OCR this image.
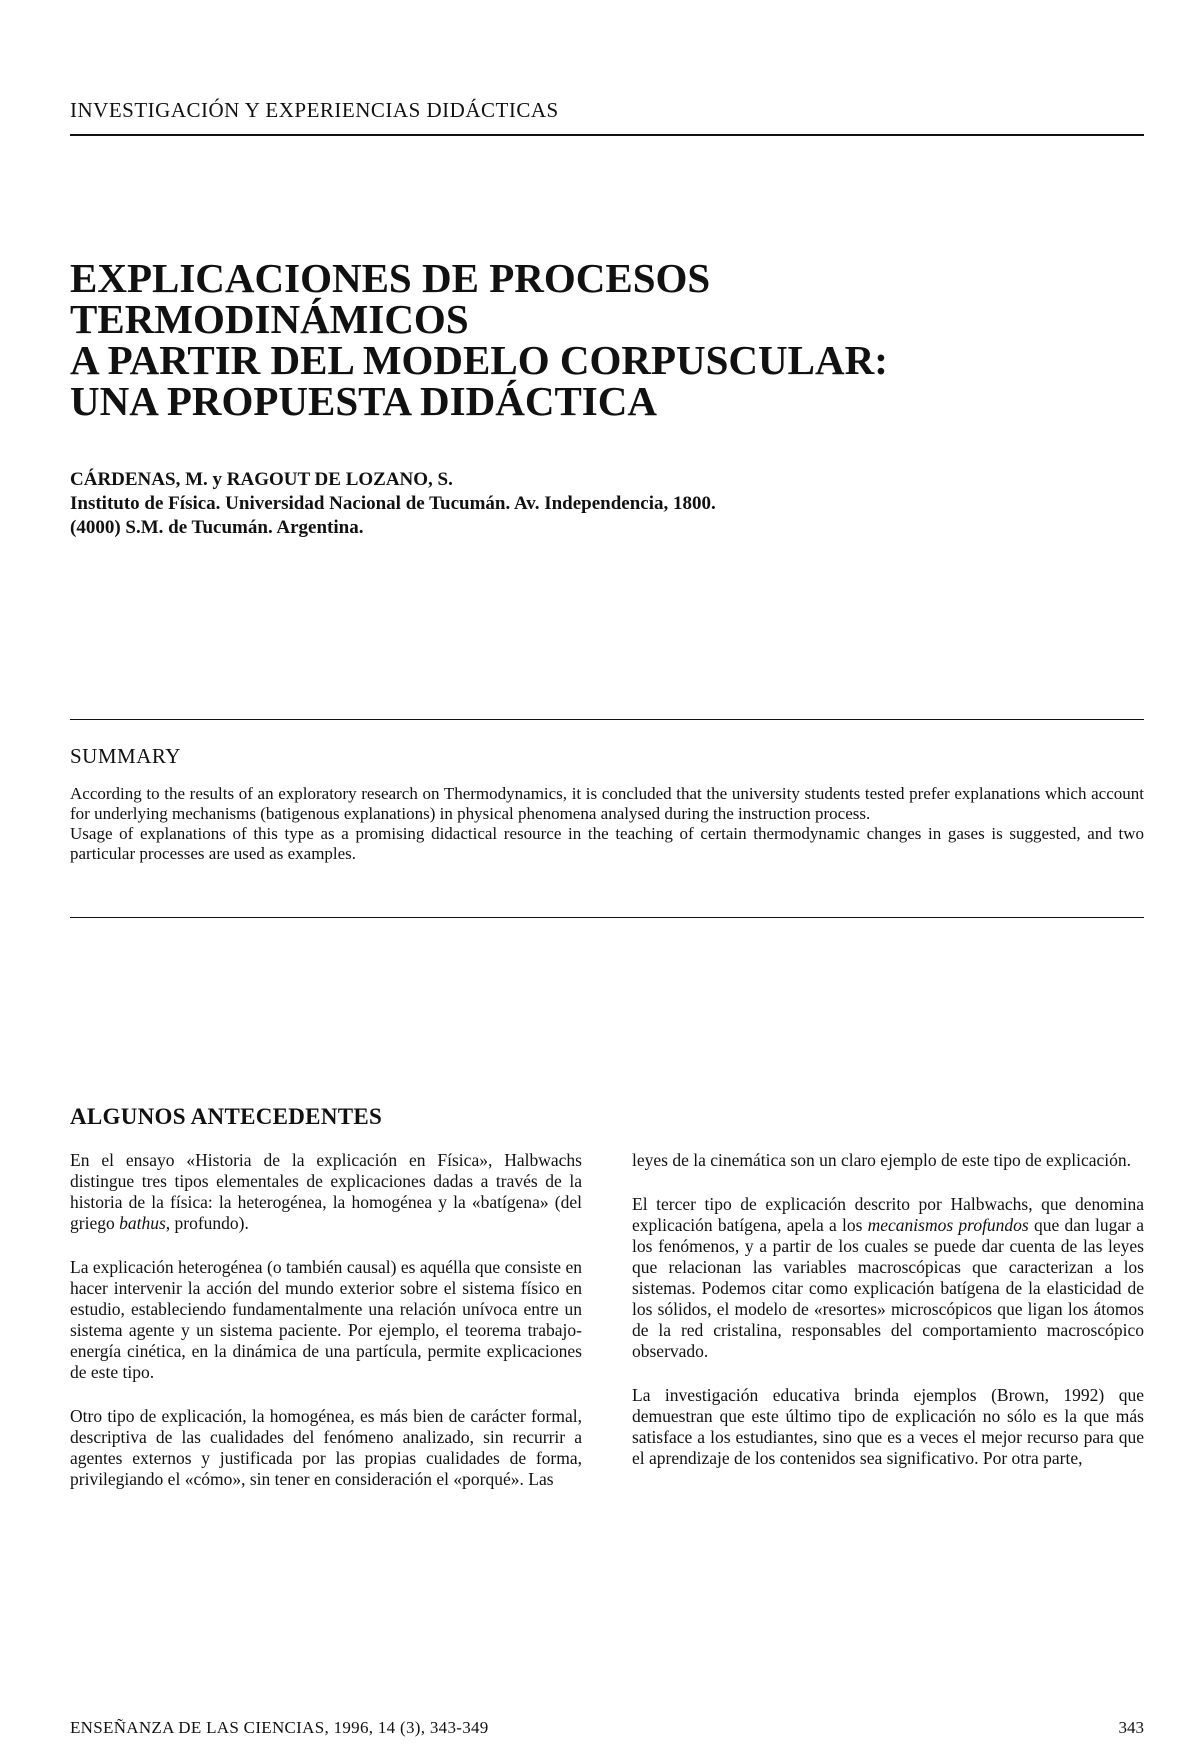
INVESTIGACIÓN Y EXPERIENCIAS DIDÁCTICAS
EXPLICACIONES DE PROCESOS
TERMODINÁMICOS
A PARTIR DEL MODELO CORPUSCULAR:
UNA PROPUESTA DIDÁCTICA
CÁRDENAS, M. y RAGOUT DE LOZANO, S.
Instituto de Física. Universidad Nacional de Tucumán. Av. Independencia, 1800.
(4000) S.M. de Tucumán. Argentina.
SUMMARY

According to the results of an exploratory research on Thermodynamics, it is concluded that the university students tested prefer explanations which account for underlying mechanisms (batigenous explanations) in physical phenomena analysed during the instruction process.

Usage of explanations of this type as a promising didactical resource in the teaching of certain thermodynamic changes in gases is suggested, and two particular processes are used as examples.

ALGUNOS ANTECEDENTES

En el ensayo «Historia de la explicación en Física», Halbwachs distingue tres tipos elementales de explicaciones dadas a través de la historia de la física: la heterogénea, la homogénea y la «batígena» (del griego bathus, profundo).

La explicación heterogénea (o también causal) es aquélla que consiste en hacer intervenir la acción del mundo exterior sobre el sistema físico en estudio, estableciendo fundamentalmente una relación unívoca entre un sistema agente y un sistema paciente. Por ejemplo, el teorema trabajo-energía cinética, en la dinámica de una partícula, permite explicaciones de este tipo.

Otro tipo de explicación, la homogénea, es más bien de carácter formal, descriptiva de las cualidades del fenómeno analizado, sin recurrir a agentes externos y justificada por las propias cualidades de forma, privilegiando el «cómo», sin tener en consideración el «porqué». Las

leyes de la cinemática son un claro ejemplo de este tipo de explicación.

El tercer tipo de explicación descrito por Halbwachs, que denomina explicación batígena, apela a los mecanismos profundos que dan lugar a los fenómenos, y a partir de los cuales se puede dar cuenta de las leyes que relacionan las variables macroscópicas que caracterizan a los sistemas. Podemos citar como explicación batígena de la elasticidad de los sólidos, el modelo de «resortes» microscópicos que ligan los átomos de la red cristalina, responsables del comportamiento macroscópico observado.

La investigación educativa brinda ejemplos (Brown, 1992) que demuestran que este último tipo de explicación no sólo es la que más satisface a los estudiantes, sino que es a veces el mejor recurso para que el aprendizaje de los contenidos sea significativo. Por otra parte,

ENSEÑANZA DE LAS CIENCIAS, 1996, 14 (3), 343-349	343
